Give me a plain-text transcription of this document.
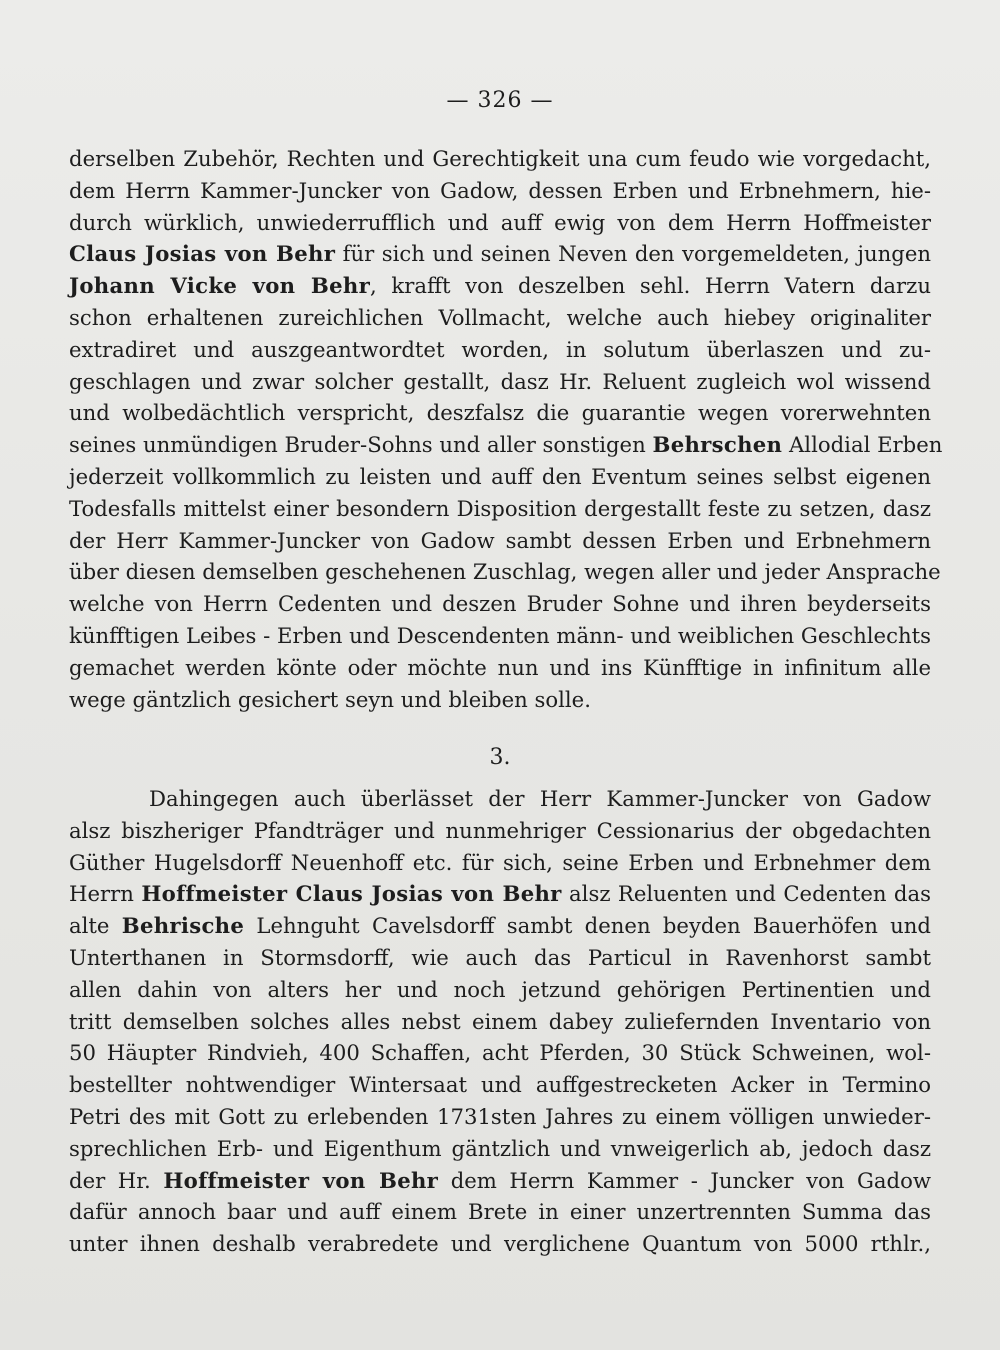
— 326 —
derselben Zubehör, Rechten und Gerechtigkeit una cum feudo wie vorgedacht,
dem Herrn Kammer-Juncker von Gadow, dessen Erben und Erbnehmern, hie-
durch würklich, unwiederrufflich und auff ewig von dem Herrn Hoffmeister
Claus Josias von Behr für sich und seinen Neven den vorgemeldeten, jungen
Johann Vicke von Behr, krafft von deszelben sehl. Herrn Vatern darzu
schon erhaltenen zureichlichen Vollmacht, welche auch hiebey originaliter
extradiret und auszgeantwordtet worden, in solutum überlaszen und zu-
geschlagen und zwar solcher gestallt, dasz Hr. Reluent zugleich wol wissend
und wolbedächtlich verspricht, deszfalsz die guarantie wegen vorerwehnten
seines unmündigen Bruder-Sohns und aller sonstigen Behrschen Allodial Erben
jederzeit vollkommlich zu leisten und auff den Eventum seines selbst eigenen
Todesfalls mittelst einer besondern Disposition dergestallt feste zu setzen, dasz
der Herr Kammer-Juncker von Gadow sambt dessen Erben und Erbnehmern
über diesen demselben geschehenen Zuschlag, wegen aller und jeder Ansprache
welche von Herrn Cedenten und deszen Bruder Sohne und ihren beyderseits
künfftigen Leibes - Erben und Descendenten männ- und weiblichen Geschlechts
gemachet werden könte oder möchte nun und ins Künfftige in infinitum alle
wege gäntzlich gesichert seyn und bleiben solle.
3.
Dahingegen auch überlässet der Herr Kammer-Juncker von Gadow
alsz biszheriger Pfandträger und nunmehriger Cessionarius der obgedachten
Güther Hugelsdorff Neuenhoff etc. für sich, seine Erben und Erbnehmer dem
Herrn Hoffmeister Claus Josias von Behr alsz Reluenten und Cedenten das
alte Behrische Lehnguht Cavelsdorff sambt denen beyden Bauerhöfen und
Unterthanen in Stormsdorff, wie auch das Particul in Ravenhorst sambt
allen dahin von alters her und noch jetzund gehörigen Pertinentien und
tritt demselben solches alles nebst einem dabey zuliefernden Inventario von
50 Häupter Rindvieh, 400 Schaffen, acht Pferden, 30 Stück Schweinen, wol-
bestellter nohtwendiger Wintersaat und auffgestrecketen Acker in Termino
Petri des mit Gott zu erlebenden 1731sten Jahres zu einem völligen unwieder-
sprechlichen Erb- und Eigenthum gäntzlich und vnweigerlich ab, jedoch dasz
der Hr. Hoffmeister von Behr dem Herrn Kammer - Juncker von Gadow
dafür annoch baar und auff einem Brete in einer unzertrennten Summa das
unter ihnen deshalb verabredete und verglichene Quantum von 5000 rthlr.,
